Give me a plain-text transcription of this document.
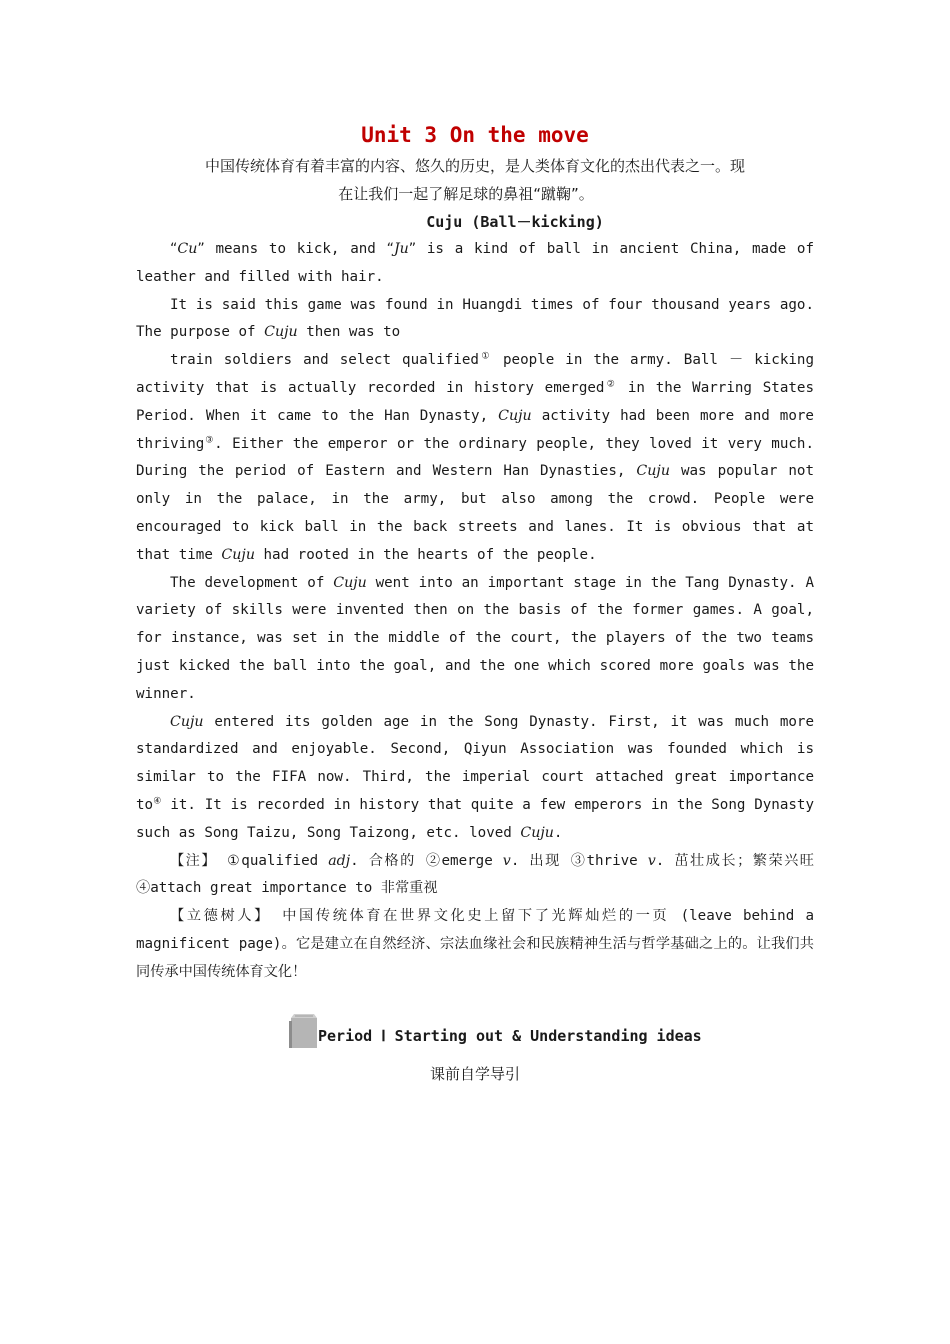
Unit 3 On the move

中国传统体育有着丰富的内容、悠久的历史，是人类体育文化的杰出代表之一。现

在让我们一起了解足球的鼻祖“蹴鞠”。

Cuju (Ball－kicking)

“Cu” means to kick, and “Ju” is a kind of ball in ancient China, made of leather and filled with hair.

It is said this game was found in Huangdi times of four thousand years ago. The purpose of Cuju then was to

train soldiers and select qualified① people in the army. Ball － kicking activity that is actually recorded in history emerged② in the Warring States Period. When it came to the Han Dynasty, Cuju activity had been more and more thriving③. Either the emperor or the ordinary people, they loved it very much. During the period of Eastern and Western Han Dynasties, Cuju was popular not only in the palace, in the army, but also among the crowd. People were encouraged to kick ball in the back streets and lanes. It is obvious that at that time Cuju had rooted in the hearts of the people.

The development of Cuju went into an important stage in the Tang Dynasty. A variety of skills were invented then on the basis of the former games. A goal, for instance, was set in the middle of the court, the players of the two teams just kicked the ball into the goal, and the one which scored more goals was the winner.

Cuju entered its golden age in the Song Dynasty. First, it was much more standardized and enjoyable. Second, Qiyun Association was founded which is similar to the FIFA now. Third, the imperial court attached great importance to④ it. It is recorded in history that quite a few emperors in the Song Dynasty such as Song Taizu, Song Taizong, etc. loved Cuju.

【注】 ①qualified adj. 合格的 ②emerge v. 出现 ③thrive v. 茁壮成长；繁荣兴旺 ④attach great importance to 非常重视

【立德树人】 中国传统体育在世界文化史上留下了光辉灿烂的一页 (leave behind a magnificent page)。它是建立在自然经济、宗法血缘社会和民族精神生活与哲学基础之上的。让我们共同传承中国传统体育文化！

Period Ⅰ Starting out & Understanding ideas
课前自学导引
